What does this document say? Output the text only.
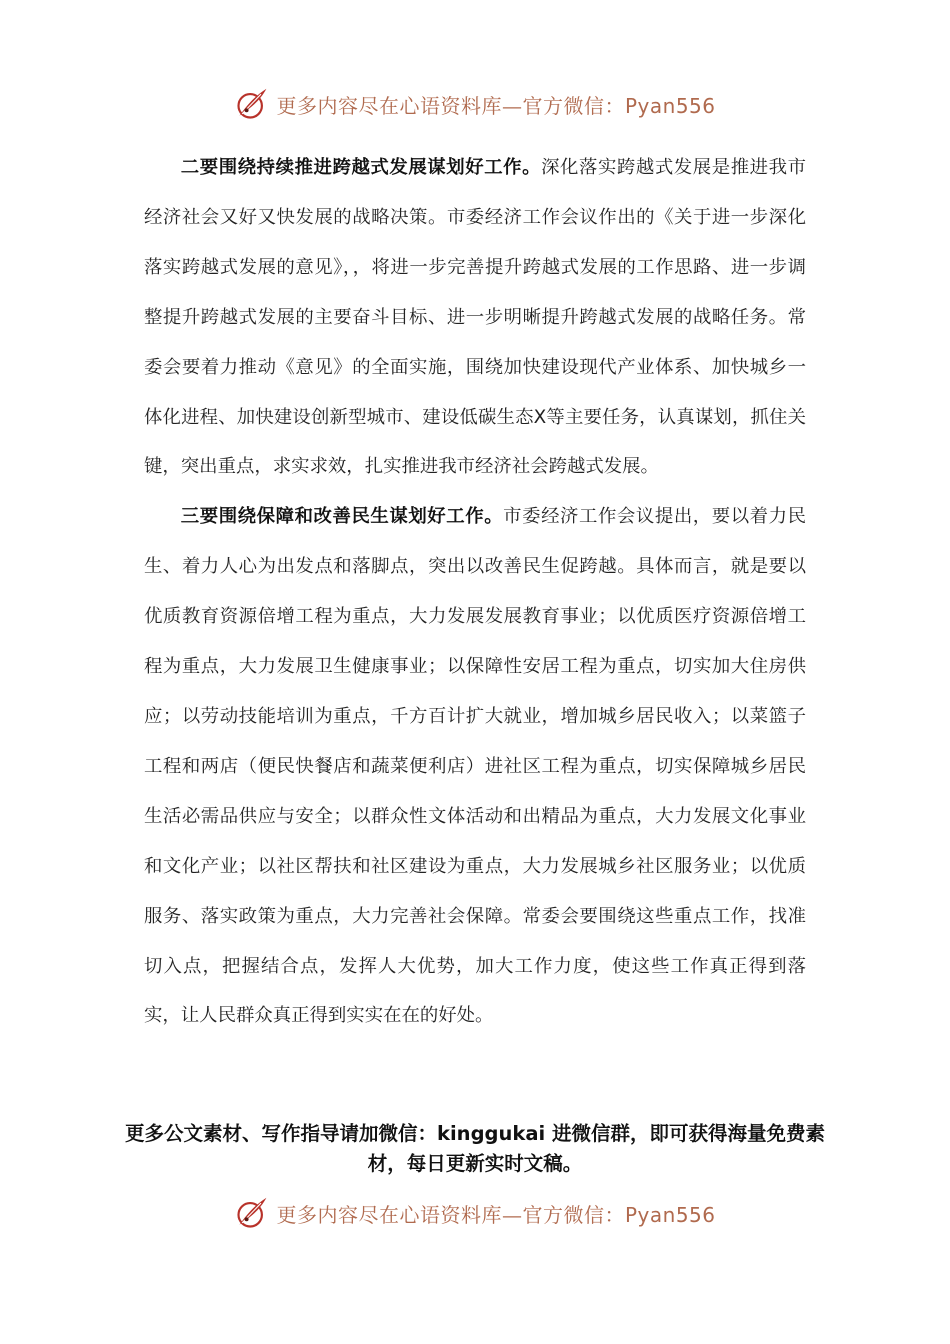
更多内容尽在心语资料库—官方微信：Pyan556

二要围绕持续推进跨越式发展谋划好工作。深化落实跨越式发展是推进我市经济社会又好又快发展的战略决策。市委经济工作会议作出的《关于进一步深化落实跨越式发展的意见》，，将进一步完善提升跨越式发展的工作思路、进一步调整提升跨越式发展的主要奋斗目标、进一步明晰提升跨越式发展的战略任务。常委会要着力推动《意见》的全面实施，围绕加快建设现代产业体系、加快城乡一体化进程、加快建设创新型城市、建设低碳生态X等主要任务，认真谋划，抓住关键，突出重点，求实求效，扎实推进我市经济社会跨越式发展。

三要围绕保障和改善民生谋划好工作。市委经济工作会议提出，要以着力民生、着力人心为出发点和落脚点，突出以改善民生促跨越。具体而言，就是要以优质教育资源倍增工程为重点，大力发展发展教育事业；以优质医疗资源倍增工程为重点，大力发展卫生健康事业；以保障性安居工程为重点，切实加大住房供应；以劳动技能培训为重点，千方百计扩大就业，增加城乡居民收入；以菜篮子工程和两店（便民快餐店和蔬菜便利店）进社区工程为重点，切实保障城乡居民生活必需品供应与安全；以群众性文体活动和出精品为重点，大力发展文化事业和文化产业；以社区帮扶和社区建设为重点，大力发展城乡社区服务业；以优质服务、落实政策为重点，大力完善社会保障。常委会要围绕这些重点工作，找准切入点，把握结合点，发挥人大优势，加大工作力度，使这些工作真正得到落实，让人民群众真正得到实实在在的好处。

更多公文素材、写作指导请加微信：kinggukai 进微信群，即可获得海量免费素材，每日更新实时文稿。
更多内容尽在心语资料库—官方微信：Pyan556
